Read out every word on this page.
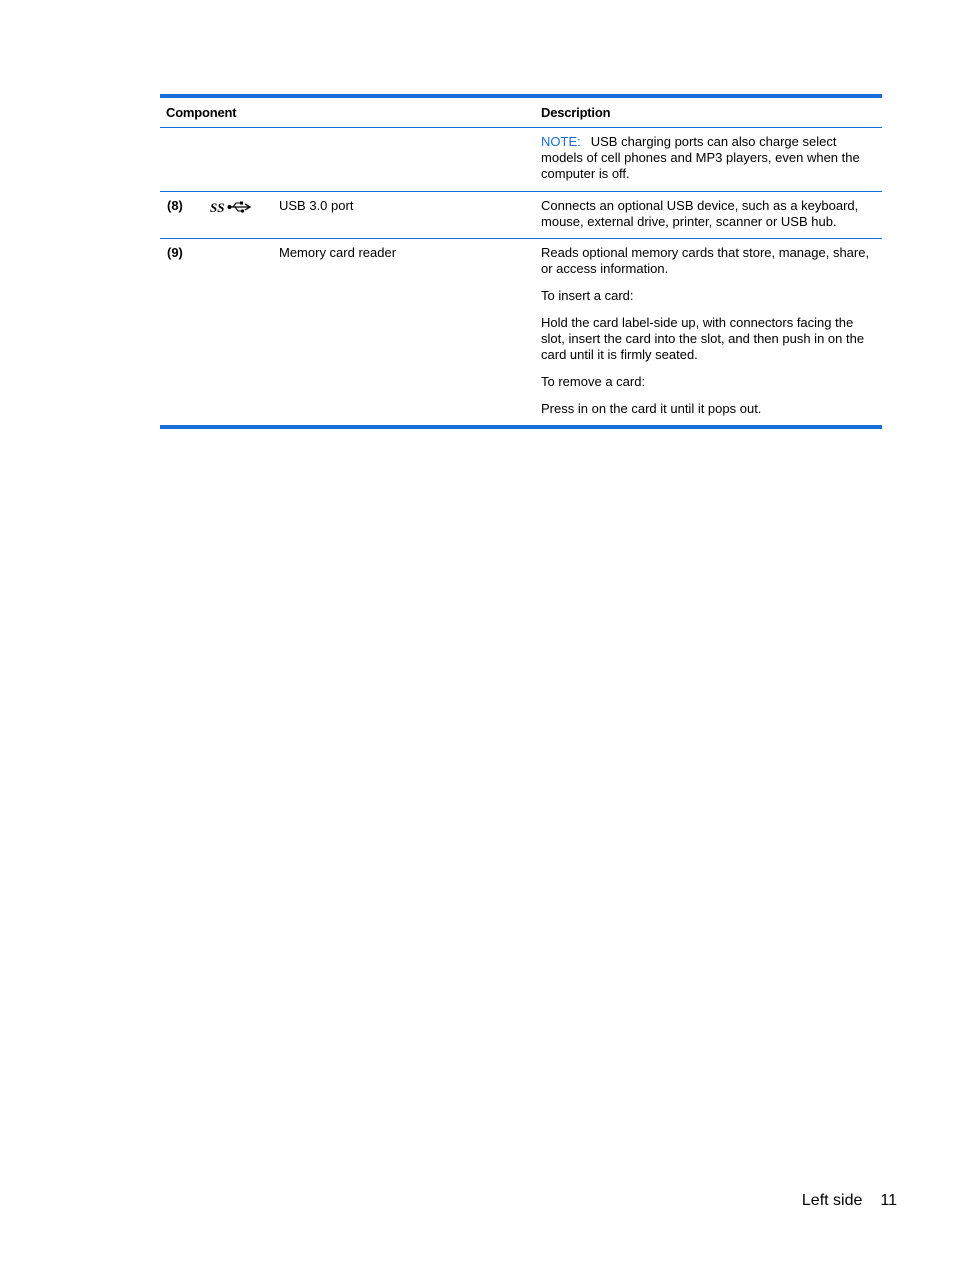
Component			Description
			NOTE: USB charging ports can also charge select models of cell phones and MP3 players, even when the computer is off.
(8)	SS	USB 3.0 port	Connects an optional USB device, such as a keyboard, mouse, external drive, printer, scanner or USB hub.

(9)		Memory card reader	Reads optional memory cards that store, manage, share, or access information.

To insert a card:

Hold the card label-side up, with connectors facing the slot, insert the card into the slot, and then push in on the card until it is firmly seated.

To remove a card:

Press in on the card it until it pops out.

Left side 11
